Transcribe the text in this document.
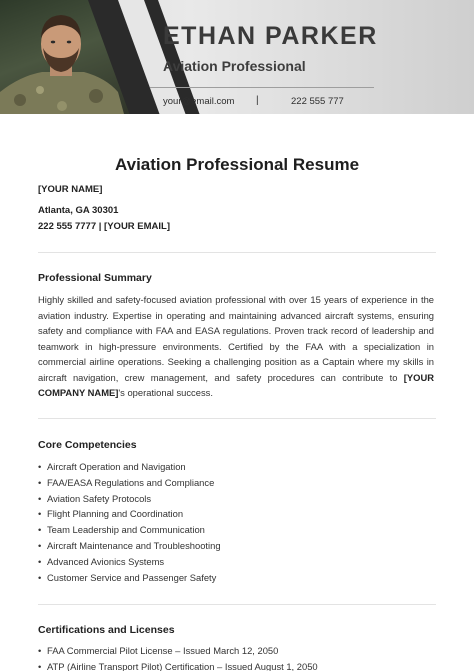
ETHAN PARKER
Aviation Professional
your@email.com |	222 555 777
Aviation Professional Resume
[YOUR NAME]
Atlanta, GA 30301
222 555 7777 | [YOUR EMAIL]
Professional Summary
Highly skilled and safety-focused aviation professional with over 15 years of experience in the aviation industry. Expertise in operating and maintaining advanced aircraft systems, ensuring safety and compliance with FAA and EASA regulations. Proven track record of leadership and teamwork in high-pressure environments. Certified by the FAA with a specialization in commercial airline operations. Seeking a challenging position as a Captain where my skills in aircraft navigation, crew management, and safety procedures can contribute to [YOUR COMPANY NAME]'s operational success.
Core Competencies
• Aircraft Operation and Navigation
• FAA/EASA Regulations and Compliance
• Aviation Safety Protocols
• Flight Planning and Coordination
• Team Leadership and Communication
• Aircraft Maintenance and Troubleshooting
• Advanced Avionics Systems
• Customer Service and Passenger Safety
Certifications and Licenses
• FAA Commercial Pilot License – Issued March 12, 2050
• ATP (Airline Transport Pilot) Certification – Issued August 1, 2050
